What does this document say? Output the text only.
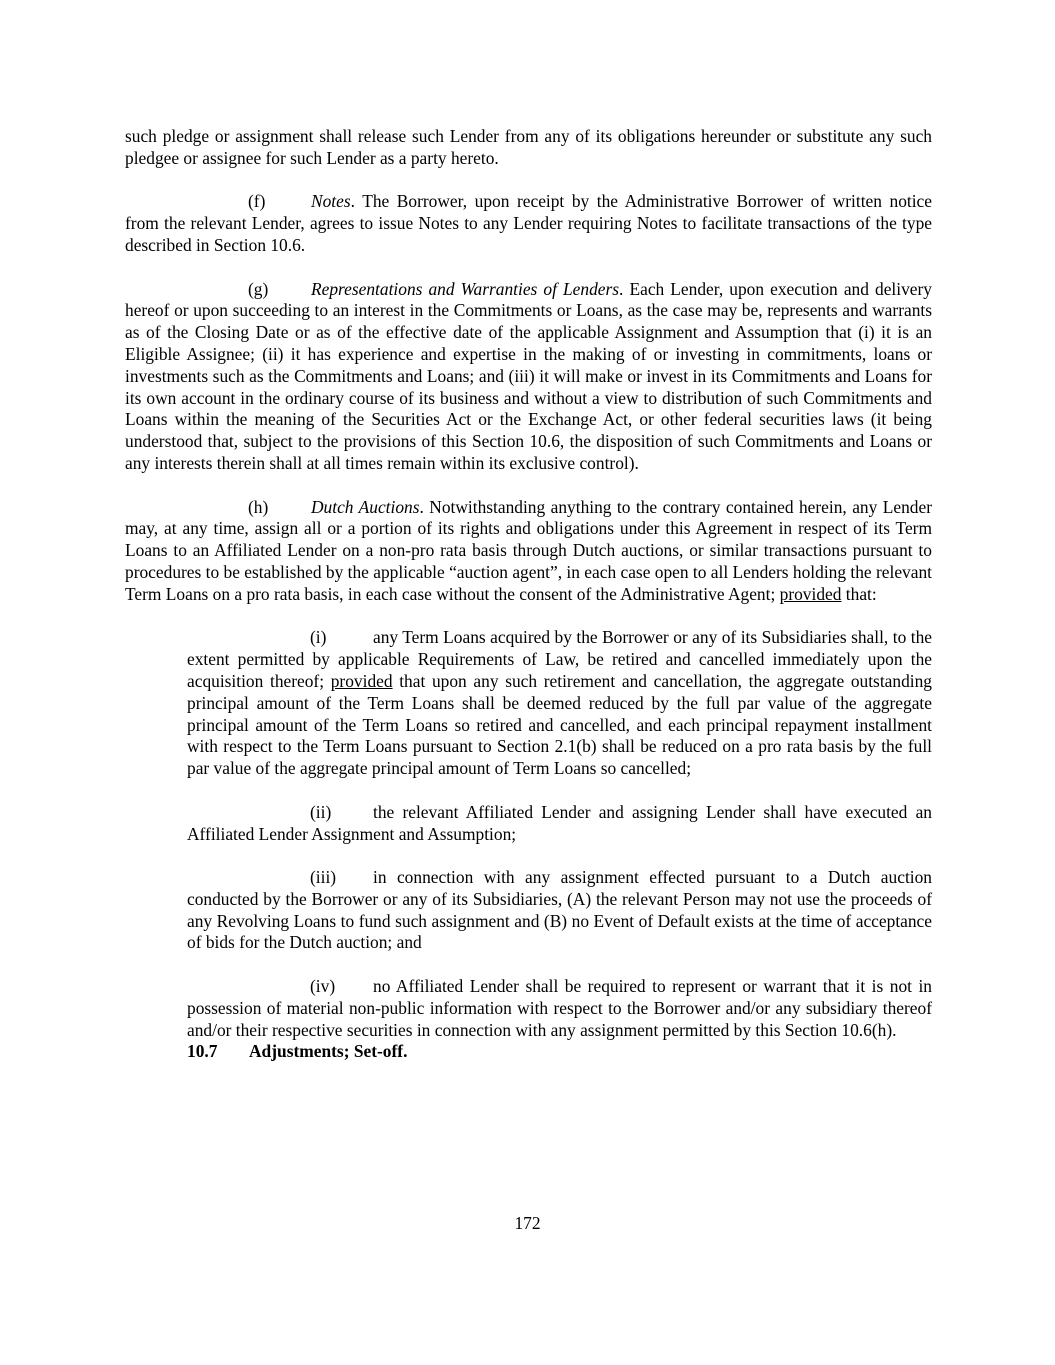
such pledge or assignment shall release such Lender from any of its obligations hereunder or substitute any such pledgee or assignee for such Lender as a party hereto.

(f)	Notes. The Borrower, upon receipt by the Administrative Borrower of written notice from the relevant Lender, agrees to issue Notes to any Lender requiring Notes to facilitate transactions of the type described in Section 10.6.

(g) Representations and Warranties of Lenders. Each Lender, upon execution and delivery hereof or upon succeeding to an interest in the Commitments or Loans, as the case may be, represents and warrants as of the Closing Date or as of the effective date of the applicable Assignment and Assumption that (i) it is an Eligible Assignee; (ii) it has experience and expertise in the making of or investing in commitments, loans or investments such as the Commitments and Loans; and (iii) it will make or invest in its Commitments and Loans for its own account in the ordinary course of its business and without a view to distribution of such Commitments and Loans within the meaning of the Securities Act or the Exchange Act, or other federal securities laws (it being understood that, subject to the provisions of this Section 10.6, the disposition of such Commitments and Loans or any interests therein shall at all times remain within its exclusive control).

(h) Dutch Auctions. Notwithstanding anything to the contrary contained herein, any Lender may, at any time, assign all or a portion of its rights and obligations under this Agreement in respect of its Term Loans to an Affiliated Lender on a non-pro rata basis through Dutch auctions, or similar transactions pursuant to procedures to be established by the applicable “auction agent”, in each case open to all Lenders holding the relevant Term Loans on a pro rata basis, in each case without the consent of the Administrative Agent; provided that:

(i)	any Term Loans acquired by the Borrower or any of its Subsidiaries shall, to the extent permitted by applicable Requirements of Law, be retired and cancelled immediately upon the acquisition thereof; provided that upon any such retirement and cancellation, the aggregate outstanding principal amount of the Term Loans shall be deemed reduced by the full par value of the aggregate principal amount of the Term Loans so retired and cancelled, and each principal repayment installment with respect to the Term Loans pursuant to Section 2.1(b) shall be reduced on a pro rata basis by the full par value of the aggregate principal amount of Term Loans so cancelled;

(ii) the relevant Affiliated Lender and assigning Lender shall have executed an Affiliated Lender Assignment and Assumption;

(iii) in connection with any assignment effected pursuant to a Dutch auction conducted by the Borrower or any of its Subsidiaries, (A) the relevant Person may not use the proceeds of any Revolving Loans to fund such assignment and (B) no Event of Default exists at the time of acceptance of bids for the Dutch auction; and

(iv) no Affiliated Lender shall be required to represent or warrant that it is not in possession of material non-public information with respect to the Borrower and/or any subsidiary thereof and/or their respective securities in connection with any assignment permitted by this Section 10.6(h).

10.7 Adjustments; Set-off.

172
